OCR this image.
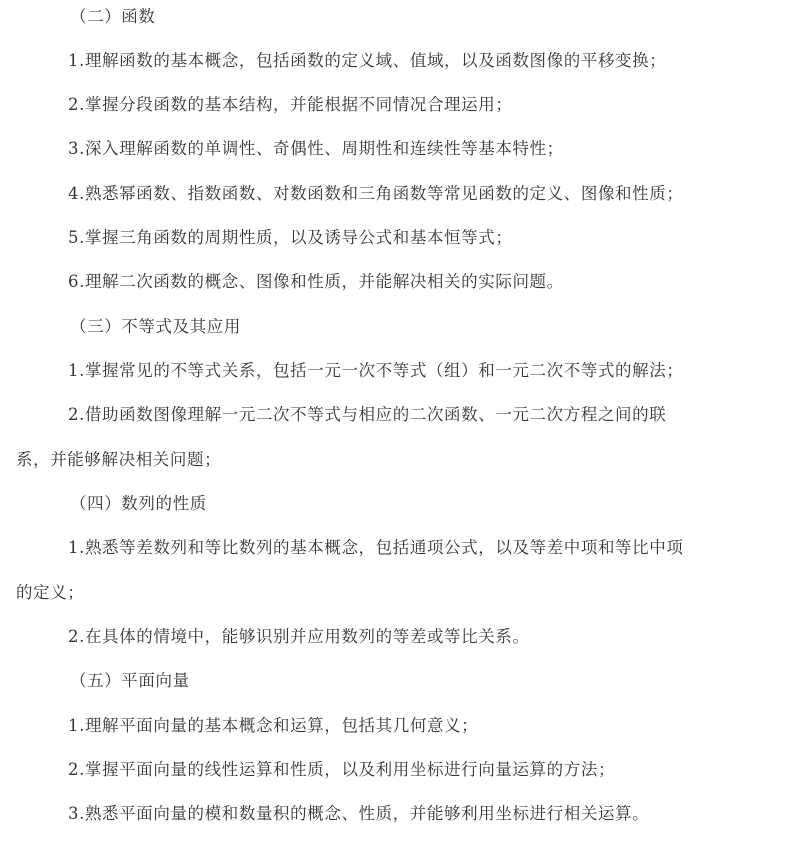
（二）函数
1.理解函数的基本概念，包括函数的定义域、值域，以及函数图像的平移变换；
2.掌握分段函数的基本结构，并能根据不同情况合理运用；
3.深入理解函数的单调性、奇偶性、周期性和连续性等基本特性；
4.熟悉幂函数、指数函数、对数函数和三角函数等常见函数的定义、图像和性质；
5.掌握三角函数的周期性质，以及诱导公式和基本恒等式；
6.理解二次函数的概念、图像和性质，并能解决相关的实际问题。
（三）不等式及其应用
1.掌握常见的不等式关系，包括一元一次不等式（组）和一元二次不等式的解法；
2.借助函数图像理解一元二次不等式与相应的二次函数、一元二次方程之间的联
系，并能够解决相关问题；
（四）数列的性质
1.熟悉等差数列和等比数列的基本概念，包括通项公式，以及等差中项和等比中项
的定义；
2.在具体的情境中，能够识别并应用数列的等差或等比关系。
（五）平面向量
1.理解平面向量的基本概念和运算，包括其几何意义；
2.掌握平面向量的线性运算和性质，以及利用坐标进行向量运算的方法；
3.熟悉平面向量的模和数量积的概念、性质，并能够利用坐标进行相关运算。
